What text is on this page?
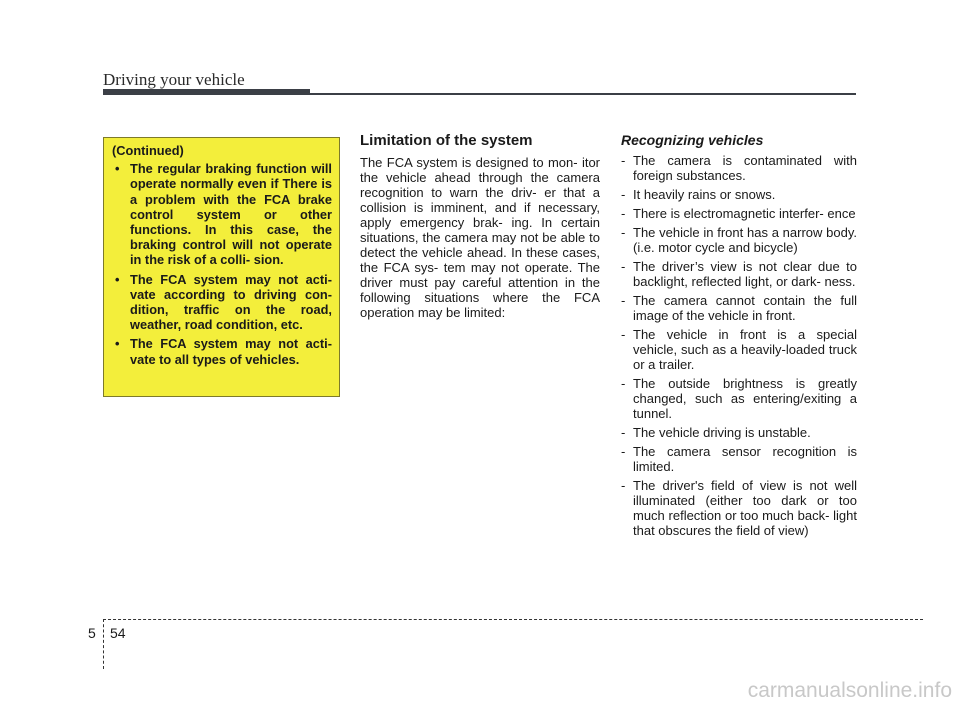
Driving your vehicle
(Continued)
• The regular braking function will operate normally even if There is a problem with the FCA brake control system or other functions. In this case, the braking control will not operate in the risk of a colli- sion.
• The FCA system may not acti- vate according to driving con- dition, traffic on the road, weather, road condition, etc.
• The FCA system may not acti- vate to all types of vehicles.
Limitation of the system
The FCA system is designed to mon- itor the vehicle ahead through the camera recognition to warn the driv- er that a collision is imminent, and if necessary, apply emergency brak- ing. In certain situations, the camera may not be able to detect the vehicle ahead. In these cases, the FCA sys- tem may not operate. The driver must pay careful attention in the following situations where the FCA operation may be limited:
Recognizing vehicles
- The camera is contaminated with foreign substances.
- It heavily rains or snows.
- There is electromagnetic interfer- ence
- The vehicle in front has a narrow body. (i.e. motor cycle and bicycle)
- The driver’s view is not clear due to backlight, reflected light, or dark- ness.
- The camera cannot contain the full image of the vehicle in front.
- The vehicle in front is a special vehicle, such as a heavily-loaded truck or a trailer.
- The outside brightness is greatly changed, such as entering/exiting a tunnel.
- The vehicle driving is unstable.
- The camera sensor recognition is limited.
- The driver's field of view is not well illuminated (either too dark or too much reflection or too much back- light that obscures the field of view)
5 54
carmanualsonline.info
